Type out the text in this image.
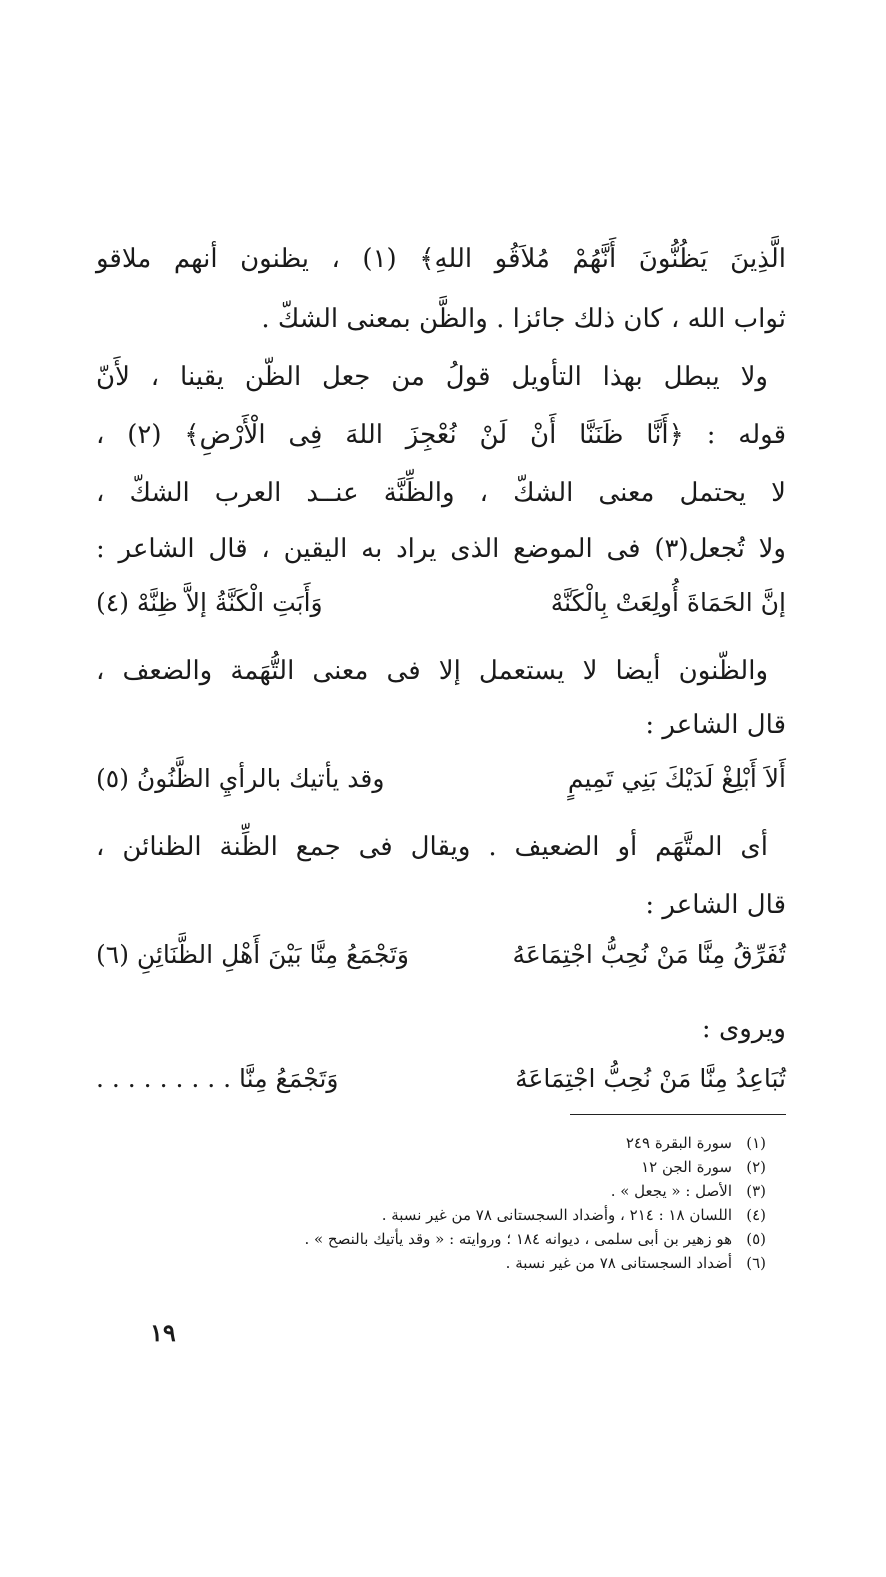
الَّذِينَ يَظُنُّونَ أَنَّهُمْ مُلاَقُو اللهِ﴾ (١) ، يظنون أنهم ملاقو
ثواب الله ، كان ذلك جائزا . والظَّن بمعنى الشكّ .
ولا يبطل بهذا التأويل قولُ من جعل الظّن يقينا ، لأَنّ
قوله : ﴿أَنَّا ظَنَنَّا أَنْ لَنْ نُعْجِزَ اللهَ فِى الْأَرْضِ﴾ (٢) ،
لا يحتمل معنى الشكّ ، والظِّنَّة عنــد العرب الشكّ ،
ولا تُجعل(٣) فى الموضع الذى يراد به اليقين ، قال الشاعر :
إنَّ الحَمَاةَ أُولِعَتْ بِالْكَنَّهْ
وَأَبَتِ الْكَنَّةُ إلاَّ ظِنَّهْ (٤)
والظّنون أيضا لا يستعمل إلا فى معنى التُّهَمة والضعف ،
قال الشاعر :
أَلاَ أَبْلِغْ لَدَيْكَ بَنِي تَمِيمٍ
وقد يأتيك بالرأيِ الظَّنُونُ (٥)
أى المتَّهَم أو الضعيف . ويقال فى جمع الظِّنة الظنائن ،
قال الشاعر :
تُفَرِّقُ مِنَّا مَنْ نُحِبُّ اجْتِمَاعَهُ
وَتَجْمَعُ مِنَّا بَيْنَ أَهْلِ الظَّنَائِنِ (٦)
ويروى :
تُبَاعِدُ مِنَّا مَنْ نُحِبُّ اجْتِمَاعَهُ
وَتَجْمَعُ مِنَّا . . . . . . . . .
(١)سورة البقرة ٢٤٩
(٢)سورة الجن ١٢
(٣)الأصل : « يجعل » .
(٤)اللسان ١٨ : ٢١٤ ، وأضداد السجستانى ٧٨ من غير نسبة .
(٥)هو زهير بن أبى سلمى ، ديوانه ١٨٤ ؛ وروايته : « وقد يأتيك بالنصح » .
(٦)أضداد السجستانى ٧٨ من غير نسبة .
١٩
